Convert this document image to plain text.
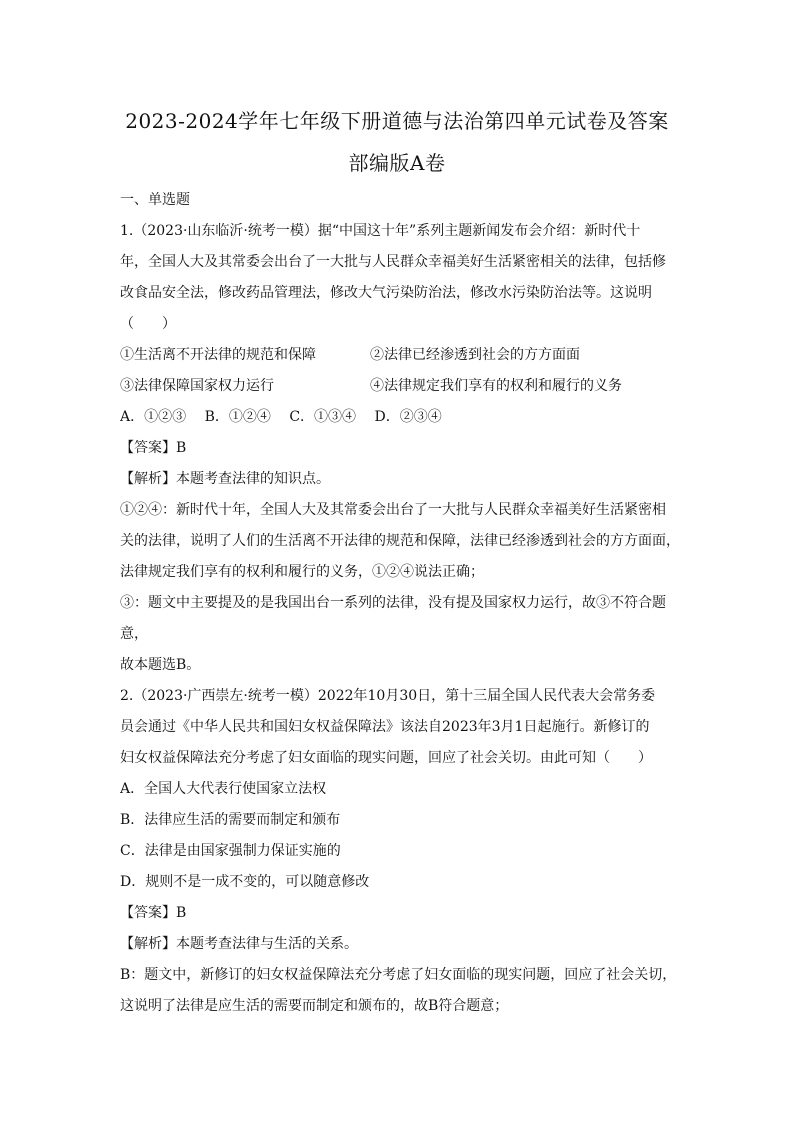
2023-2024学年七年级下册道德与法治第四单元试卷及答案
部编版A卷
一、单选题
1.（2023·山东临沂·统考一模）据“中国这十年”系列主题新闻发布会介绍：新时代十
年，全国人大及其常委会出台了一大批与人民群众幸福美好生活紧密相关的法律，包括修
改食品安全法，修改药品管理法，修改大气污染防治法，修改水污染防治法等。这说明
（　　）
①生活离不开法律的规范和保障	②法律已经渗透到社会的方方面面
③法律保障国家权力运行	④法律规定我们享有的权利和履行的义务
A．①②③ B．①②④ C．①③④ D．②③④
【答案】B
【解析】本题考查法律的知识点。
①②④：新时代十年，全国人大及其常委会出台了一大批与人民群众幸福美好生活紧密相
关的法律，说明了人们的生活离不开法律的规范和保障，法律已经渗透到社会的方方面面，
法律规定我们享有的权利和履行的义务，①②④说法正确；
③：题文中主要提及的是我国出台一系列的法律，没有提及国家权力运行，故③不符合题
意，
故本题选B。
2.（2023·广西崇左·统考一模）2022年10月30日，第十三届全国人民代表大会常务委
员会通过《中华人民共和国妇女权益保障法》该法自2023年3月1日起施行。新修订的
妇女权益保障法充分考虑了妇女面临的现实问题，回应了社会关切。由此可知（　　）
A．全国人大代表行使国家立法权
B．法律应生活的需要而制定和颁布
C．法律是由国家强制力保证实施的
D．规则不是一成不变的，可以随意修改
【答案】B
【解析】本题考查法律与生活的关系。
B：题文中，新修订的妇女权益保障法充分考虑了妇女面临的现实问题，回应了社会关切，
这说明了法律是应生活的需要而制定和颁布的，故B符合题意；
